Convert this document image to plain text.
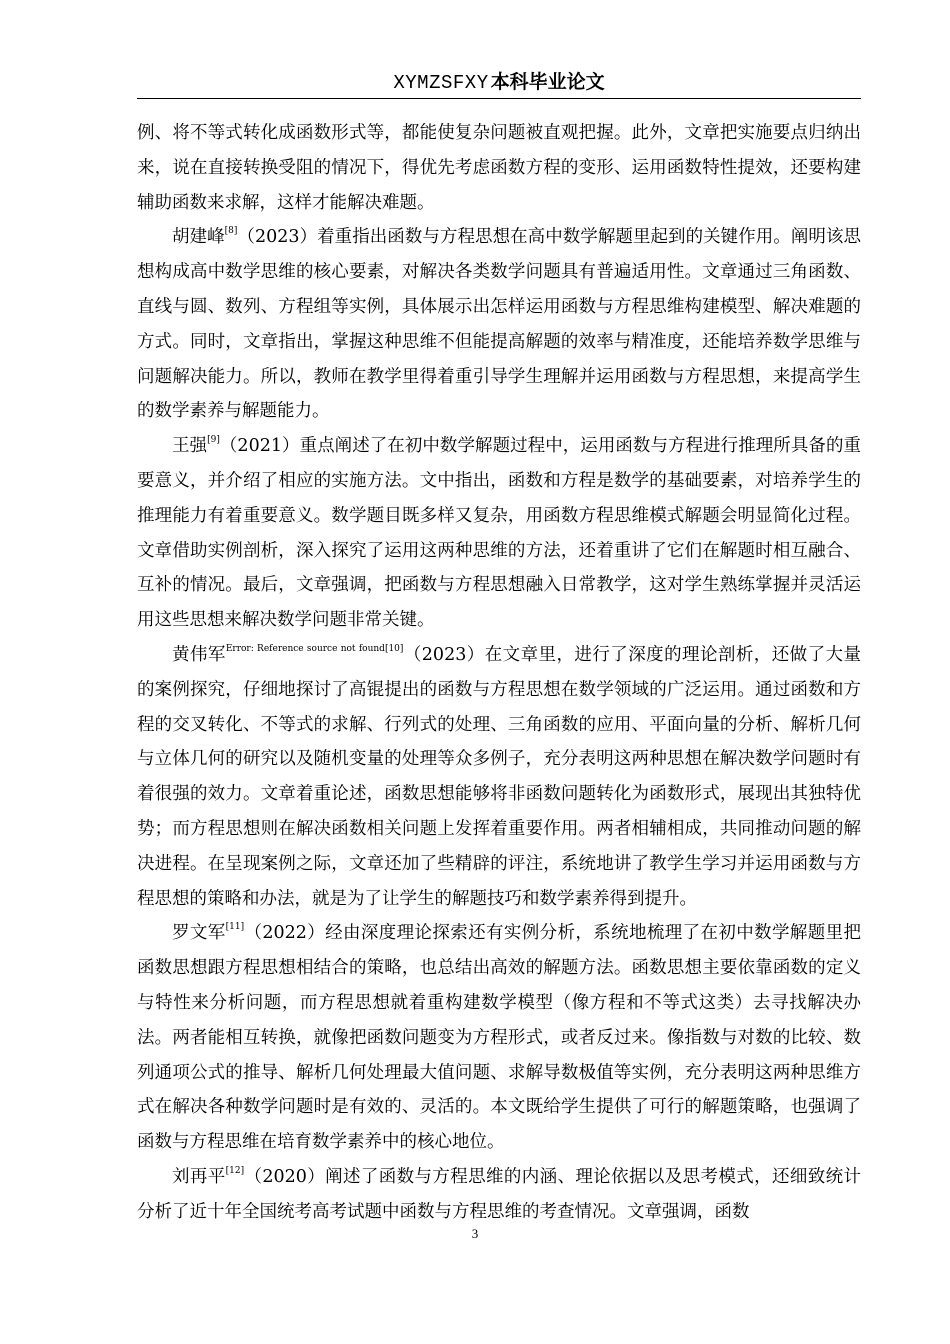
XYMZSFXY 本科毕业论文

例、将不等式转化成函数形式等，都能使复杂问题被直观把握。此外，文章把实施要点归纳出来，说在直接转换受阻的情况下，得优先考虑函数方程的变形、运用函数特性提效，还要构建辅助函数来求解，这样才能解决难题。

胡建峰[8]（2023）着重指出函数与方程思想在高中数学解题里起到的关键作用。阐明该思想构成高中数学思维的核心要素，对解决各类数学问题具有普遍适用性。文章通过三角函数、直线与圆、数列、方程组等实例，具体展示出怎样运用函数与方程思维构建模型、解决难题的方式。同时，文章指出，掌握这种思维不但能提高解题的效率与精准度，还能培养数学思维与问题解决能力。所以，教师在教学里得着重引导学生理解并运用函数与方程思想，来提高学生的数学素养与解题能力。

王强[9]（2021）重点阐述了在初中数学解题过程中，运用函数与方程进行推理所具备的重要意义，并介绍了相应的实施方法。文中指出，函数和方程是数学的基础要素，对培养学生的推理能力有着重要意义。数学题目既多样又复杂，用函数方程思维模式解题会明显简化过程。文章借助实例剖析，深入探究了运用这两种思维的方法，还着重讲了它们在解题时相互融合、互补的情况。最后，文章强调，把函数与方程思想融入日常教学，这对学生熟练掌握并灵活运用这些思想来解决数学问题非常关键。

黄伟军$^{Error: Reference source not found[10]}$（2023）在文章里，进行了深度的理论剖析，还做了大量的案例探究，仔细地探讨了高锟提出的函数与方程思想在数学领域的广泛运用。通过函数和方程的交叉转化、不等式的求解、行列式的处理、三角函数的应用、平面向量的分析、解析几何与立体几何的研究以及随机变量的处理等众多例子，充分表明这两种思想在解决数学问题时有着很强的效力。文章着重论述，函数思想能够将非函数问题转化为函数形式，展现出其独特优势；而方程思想则在解决函数相关问题上发挥着重要作用。两者相辅相成，共同推动问题的解决进程。在呈现案例之际，文章还加了些精辟的评注，系统地讲了教学生学习并运用函数与方程思想的策略和办法，就是为了让学生的解题技巧和数学素养得到提升。

罗文军[11]（2022）经由深度理论探索还有实例分析，系统地梳理了在初中数学解题里把函数思想跟方程思想相结合的策略，也总结出高效的解题方法。函数思想主要依靠函数的定义与特性来分析问题，而方程思想就着重构建数学模型（像方程和不等式这类）去寻找解决办法。两者能相互转换，就像把函数问题变为方程形式，或者反过来。像指数与对数的比较、数列通项公式的推导、解析几何处理最大值问题、求解导数极值等实例，充分表明这两种思维方式在解决各种数学问题时是有效的、灵活的。本文既给学生提供了可行的解题策略，也强调了函数与方程思维在培育数学素养中的核心地位。

刘再平[12]（2020）阐述了函数与方程思维的内涵、理论依据以及思考模式，还细致统计分析了近十年全国统考高考试题中函数与方程思维的考查情况。文章强调，函数

3
